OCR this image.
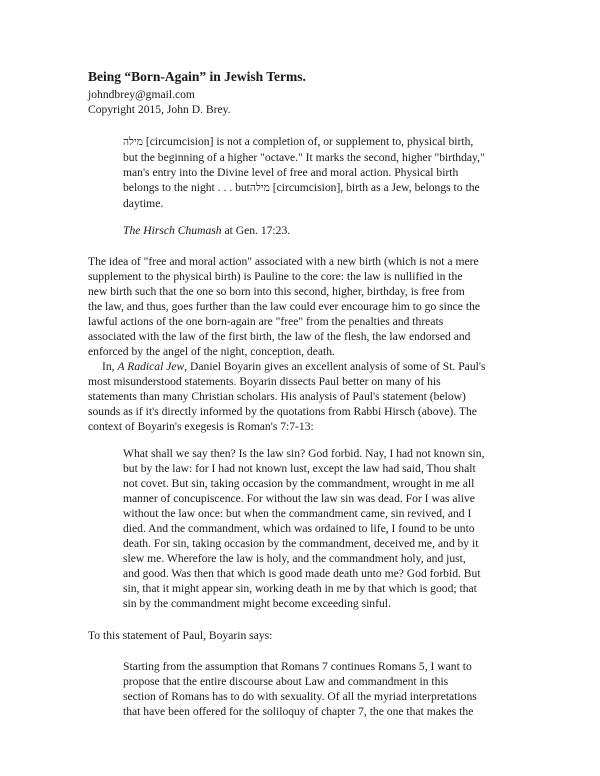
Being “Born-Again” in Jewish Terms.

johndbrey@gmail.com

Copyright 2015, John D. Brey.

מילה [circumcision] is not a completion of, or supplement to, physical birth,
but the beginning of a higher "octave." It marks the second, higher "birthday,"
man's entry into the Divine level of free and moral action. Physical birth
belongs to the night . . . butמילה [circumcision], birth as a Jew, belongs to the
daytime.

The Hirsch Chumash at Gen. 17:23.

The idea of "free and moral action" associated with a new birth (which is not a mere
supplement to the physical birth) is Pauline to the core: the law is nullified in the
new birth such that the one so born into this second, higher, birthday, is free from
the law, and thus, goes further than the law could ever encourage him to go since the
lawful actions of the one born-again are "free" from the penalties and threats
associated with the law of the first birth, the law of the flesh, the law endorsed and
enforced by the angel of the night, conception, death.
In, A Radical Jew, Daniel Boyarin gives an excellent analysis of some of St. Paul's
most misunderstood statements. Boyarin dissects Paul better on many of his
statements than many Christian scholars. His analysis of Paul's statement (below)
sounds as if it's directly informed by the quotations from Rabbi Hirsch (above). The
context of Boyarin's exegesis is Roman's 7:7-13:
What shall we say then? Is the law sin? God forbid. Nay, I had not known sin,
but by the law: for I had not known lust, except the law had said, Thou shalt
not covet. But sin, taking occasion by the commandment, wrought in me all
manner of concupiscence. For without the law sin was dead. For I was alive
without the law once: but when the commandment came, sin revived, and I
died. And the commandment, which was ordained to life, I found to be unto
death. For sin, taking occasion by the commandment, deceived me, and by it
slew me. Wherefore the law is holy, and the commandment holy, and just,
and good. Was then that which is good made death unto me? God forbid. But
sin, that it might appear sin, working death in me by that which is good; that
sin by the commandment might become exceeding sinful.

To this statement of Paul, Boyarin says:

Starting from the assumption that Romans 7 continues Romans 5, I want to
propose that the entire discourse about Law and commandment in this
section of Romans has to do with sexuality. Of all the myriad interpretations
that have been offered for the soliloquy of chapter 7, the one that makes the
